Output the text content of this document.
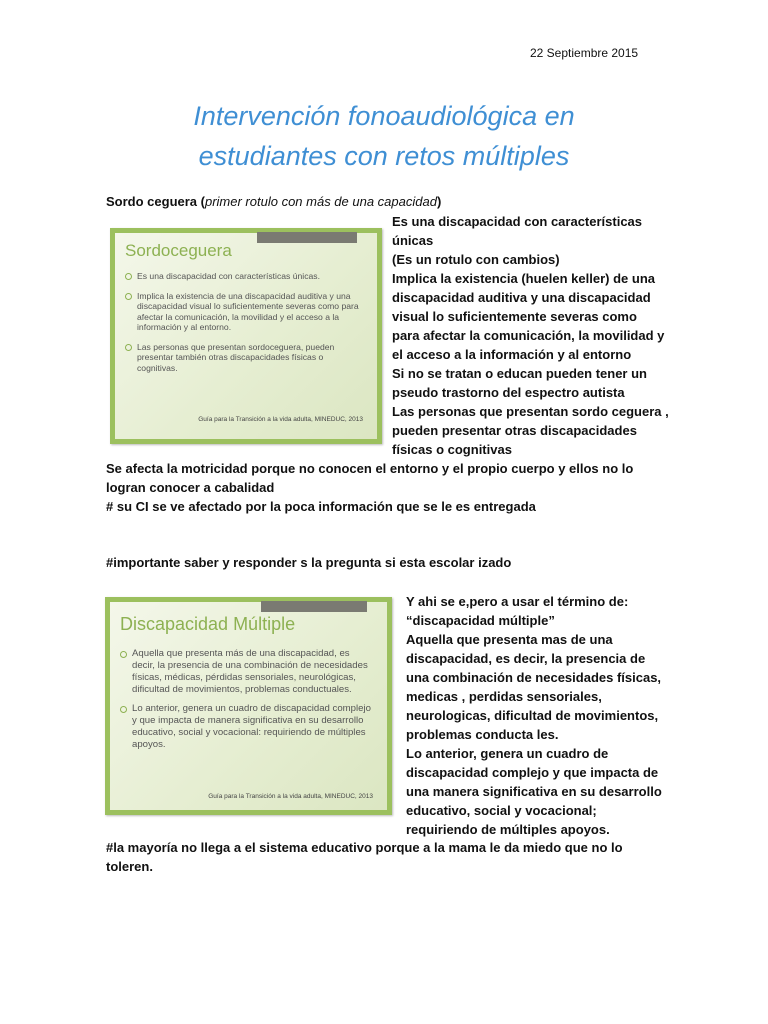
22 Septiembre 2015
Intervención fonoaudiológica en
estudiantes con retos múltiples
Sordo ceguera (primer rotulo con más de una capacidad)
Sordoceguera
Es una discapacidad con características únicas.
Implica la existencia de una discapacidad auditiva y una discapacidad visual lo suficientemente severas como para afectar la comunicación, la movilidad y el acceso a la información y al entorno.
Las personas que presentan sordoceguera, pueden presentar también otras discapacidades físicas o cognitivas.
Guía para la Transición a la vida adulta, MINEDUC, 2013
Es una discapacidad con características
únicas
(Es un rotulo con cambios)
Implica la existencia (huelen keller) de una
discapacidad auditiva y una discapacidad
visual lo suficientemente severas como
para afectar la comunicación, la movilidad y
el acceso a la información y al entorno
Si no se tratan o educan pueden tener un
pseudo trastorno del espectro autista
Las personas que presentan sordo ceguera ,
pueden presentar otras discapacidades
físicas o cognitivas
Se afecta la motricidad porque no conocen el entorno y el propio cuerpo y ellos no lo
logran conocer a cabalidad
# su CI se ve afectado por la poca información que se le es entregada
#importante saber y responder s la pregunta si esta escolar izado
Discapacidad Múltiple
Aquella que presenta más de una discapacidad, es decir, la presencia de una combinación de necesidades físicas, médicas, pérdidas sensoriales, neurológicas, dificultad de movimientos, problemas conductuales.
Lo anterior, genera un cuadro de discapacidad complejo y que impacta de manera significativa en su desarrollo educativo, social y vocacional: requiriendo de múltiples apoyos.
Guía para la Transición a la vida adulta, MINEDUC, 2013
Y ahi se e,pero a usar el término de:
“discapacidad múltiple”
Aquella que presenta mas de una
discapacidad, es decir, la presencia de
una combinación de necesidades físicas,
medicas , perdidas sensoriales,
neurologicas, dificultad de movimientos,
problemas conducta les.
Lo anterior, genera un cuadro de
discapacidad complejo y que impacta de
una manera significativa en su desarrollo
educativo, social y vocacional;
requiriendo de múltiples apoyos.
#la mayoría no llega a el sistema educativo porque a la mama le da miedo que no lo
toleren.
